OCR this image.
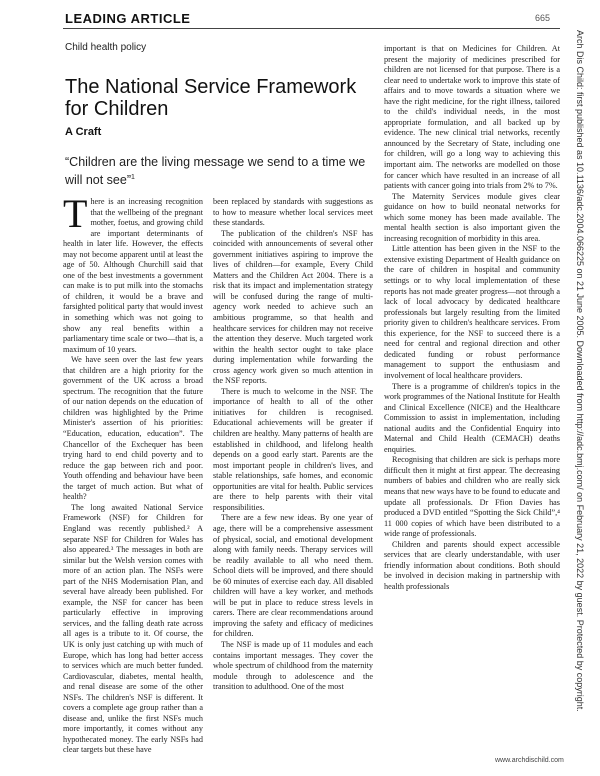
LEADING ARTICLE	665
Child health policy
The National Service Framework for Children
A Craft
“Children are the living message we send to a time we will not see”$^1$

There is an increasing recognition that the wellbeing of the pregnant mother, foetus, and growing child are important determinants of health in later life. However, the effects may not become apparent until at least the age of 50. Although Churchill said that one of the best investments a government can make is to put milk into the stomachs of children, it would be a brave and farsighted political party that would invest in something which was not going to show any real benefits within a parliamentary time scale or two—that is, a maximum of 10 years.

We have seen over the last few years that children are a high priority for the government of the UK across a broad spectrum. The recognition that the future of our nation depends on the education of children was highlighted by the Prime Minister's assertion of his priorities: “Education, education, education”. The Chancellor of the Exchequer has been trying hard to end child poverty and to reduce the gap between rich and poor. Youth offending and behaviour have been the target of much action. But what of health?

The long awaited National Service Framework (NSF) for Children for England was recently published.² A separate NSF for Children for Wales has also appeared.³ The messages in both are similar but the Welsh version comes with more of an action plan. The NSFs were part of the NHS Modernisation Plan, and several have already been published. For example, the NSF for cancer has been particularly effective in improving services, and the falling death rate across all ages is a tribute to it. Of course, the UK is only just catching up with much of Europe, which has long had better access to services which are much better funded. Cardiovascular, diabetes, mental health, and renal disease are some of the other NSFs. The children's NSF is different. It covers a complete age group rather than a disease and, unlike the first NSFs much more importantly, it comes without any hypothecated money. The early NSFs had clear targets but these have

been replaced by standards with suggestions as to how to measure whether local services meet these standards.

The publication of the children's NSF has coincided with announcements of several other government initiatives aspiring to improve the lives of children—for example, Every Child Matters and the Children Act 2004. There is a risk that its impact and implementation strategy will be confused during the range of multi-agency work needed to achieve such an ambitious programme, so that health and healthcare services for children may not receive the attention they deserve. Much targeted work within the health sector ought to take place during implementation while forwarding the cross agency work given so much attention in the NSF reports.

There is much to welcome in the NSF. The importance of health to all of the other initiatives for children is recognised. Educational achievements will be greater if children are healthy. Many patterns of health are established in childhood, and lifelong health depends on a good early start. Parents are the most important people in children's lives, and stable relationships, safe homes, and economic opportunities are vital for health. Public services are there to help parents with their vital responsibilities.

There are a few new ideas. By one year of age, there will be a comprehensive assessment of physical, social, and emotional development along with family needs. Therapy services will be readily available to all who need them. School diets will be improved, and there should be 60 minutes of exercise each day. All disabled children will have a key worker, and methods will be put in place to reduce stress levels in carers. There are clear recommendations around improving the safety and efficacy of medicines for children.

The NSF is made up of 11 modules and each contains important messages. They cover the whole spectrum of childhood from the maternity module through to adolescence and the transition to adulthood. One of the most

important is that on Medicines for Children. At present the majority of medicines prescribed for children are not licensed for that purpose. There is a clear need to undertake work to improve this state of affairs and to move towards a situation where we have the right medicine, for the right illness, tailored to the child's individual needs, in the most appropriate formulation, and all backed up by evidence. The new clinical trial networks, recently announced by the Secretary of State, including one for children, will go a long way to achieving this important aim. The networks are modelled on those for cancer which have resulted in an increase of all patients with cancer going into trials from 2% to 7%.

The Maternity Services module gives clear guidance on how to build neonatal networks for which some money has been made available. The mental health section is also important given the increasing recognition of morbidity in this area.

Little attention has been given in the NSF to the extensive existing Department of Health guidance on the care of children in hospital and community settings or to why local implementation of these reports has not made greater progress—not through a lack of local advocacy by dedicated healthcare professionals but largely resulting from the limited priority given to children's healthcare services. From this experience, for the NSF to succeed there is a need for central and regional direction and other dedicated funding or robust performance management to support the enthusiasm and involvement of local healthcare providers.

There is a programme of children's topics in the work programmes of the National Institute for Health and Clinical Excellence (NICE) and the Healthcare Commission to assist in implementation, including national audits and the Confidential Enquiry into Maternal and Child Health (CEMACH) deaths enquiries.

Recognising that children are sick is perhaps more difficult then it might at first appear. The decreasing numbers of babies and children who are really sick means that new ways have to be found to educate and update all professionals. Dr Ffion Davies has produced a DVD entitled “Spotting the Sick Child”,⁴ 11 000 copies of which have been distributed to a wide range of professionals.

Children and parents should expect accessible services that are clearly understandable, with user friendly information about conditions. Both should be involved in decision making in partnership with health professionals

www.archdischild.com
Arch Dis Child: first published as 10.1136/adc.2004.066225 on 21 June 2005. Downloaded from http://adc.bmj.com/ on February 21, 2022 by guest. Protected by copyright.
